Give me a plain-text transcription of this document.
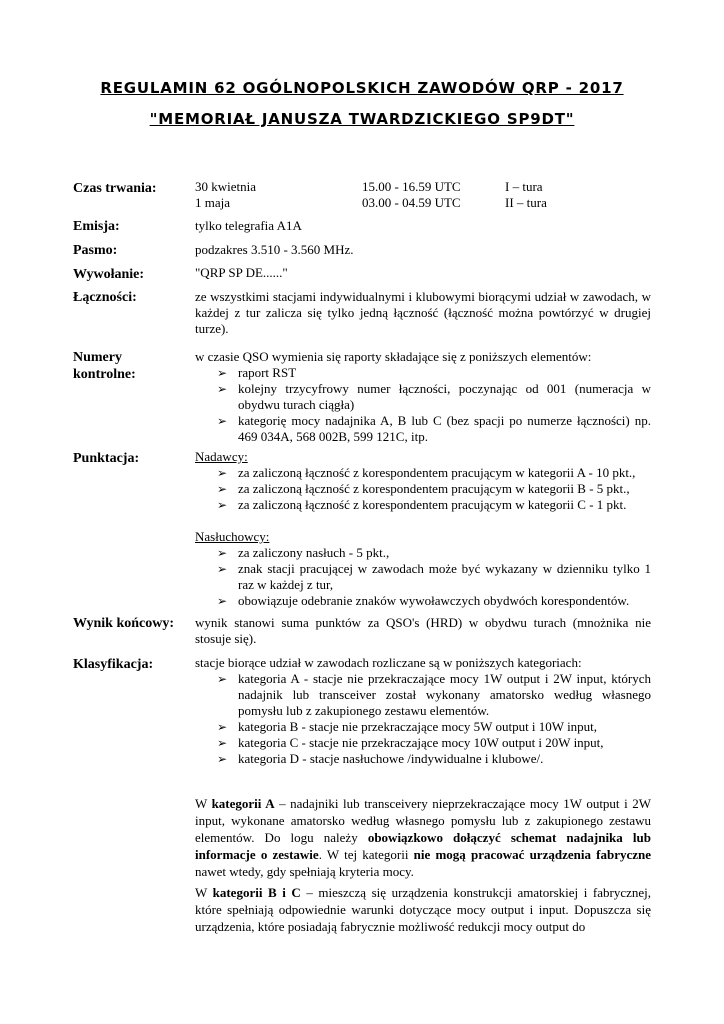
REGULAMIN 62 OGÓLNOPOLSKICH ZAWODÓW QRP - 2017
"MEMORIAŁ JANUSZA TWARDZICKIEGO SP9DT"
Czas trwania:	30 kwietnia	15.00 - 16.59 UTC	I – tura
1 maja	03.00 - 04.59 UTC	II – tura
Emisja:	tylko telegrafia A1A
Pasmo:	podzakres 3.510 - 3.560 MHz.
Wywołanie:	"QRP SP DE......"
Łączności:	ze wszystkimi stacjami indywidualnymi i klubowymi biorącymi udział w zawodach, w każdej z tur zalicza się tylko jedną łączność (łączność można powtórzyć w drugiej turze).
Numery
kontrolne:
w czasie QSO wymienia się raporty składające się z poniższych elementów:
➢ raport RST
➢ kolejny trzycyfrowy numer łączności, poczynając od 001 (numeracja w obydwu turach ciągła)
➢ kategorię mocy nadajnika A, B lub C (bez spacji po numerze łączności) np. 469 034A, 568 002B, 599 121C, itp.
Punktacja:	Nadawcy:
➢ za zaliczoną łączność z korespondentem pracującym w kategorii A - 10 pkt.,
➢ za zaliczoną łączność z korespondentem pracującym w kategorii B - 5 pkt.,
➢ za zaliczoną łączność z korespondentem pracującym w kategorii C - 1 pkt.
Nasłuchowcy:
➢ za zaliczony nasłuch - 5 pkt.,
➢ znak stacji pracującej w zawodach może być wykazany w dzienniku tylko 1 raz w każdej z tur,
➢ obowiązuje odebranie znaków wywoławczych obydwóch korespondentów.
Wynik końcowy: wynik stanowi suma punktów za QSO's (HRD) w obydwu turach (mnożnika nie stosuje się).
Klasyfikacja:	stacje biorące udział w zawodach rozliczane są w poniższych kategoriach:
➢ kategoria A - stacje nie przekraczające mocy 1W output i 2W input, których nadajnik lub transceiver został wykonany amatorsko według własnego pomysłu lub z zakupionego zestawu elementów.
➢ kategoria B - stacje nie przekraczające mocy 5W output i 10W input,
➢ kategoria C - stacje nie przekraczające mocy 10W output i 20W input,
➢ kategoria D - stacje nasłuchowe /indywidualne i klubowe/.
W kategorii A – nadajniki lub transceivery nieprzekraczające mocy 1W output i 2W input, wykonane amatorsko według własnego pomysłu lub z zakupionego zestawu elementów. Do logu należy obowiązkowo dołączyć schemat nadajnika lub informacje o zestawie. W tej kategorii nie mogą pracować urządzenia fabryczne nawet wtedy, gdy spełniają kryteria mocy.
W kategorii B i C – mieszczą się urządzenia konstrukcji amatorskiej i fabrycznej, które spełniają odpowiednie warunki dotyczące mocy output i input. Dopuszcza się urządzenia, które posiadają fabrycznie możliwość redukcji mocy output do
